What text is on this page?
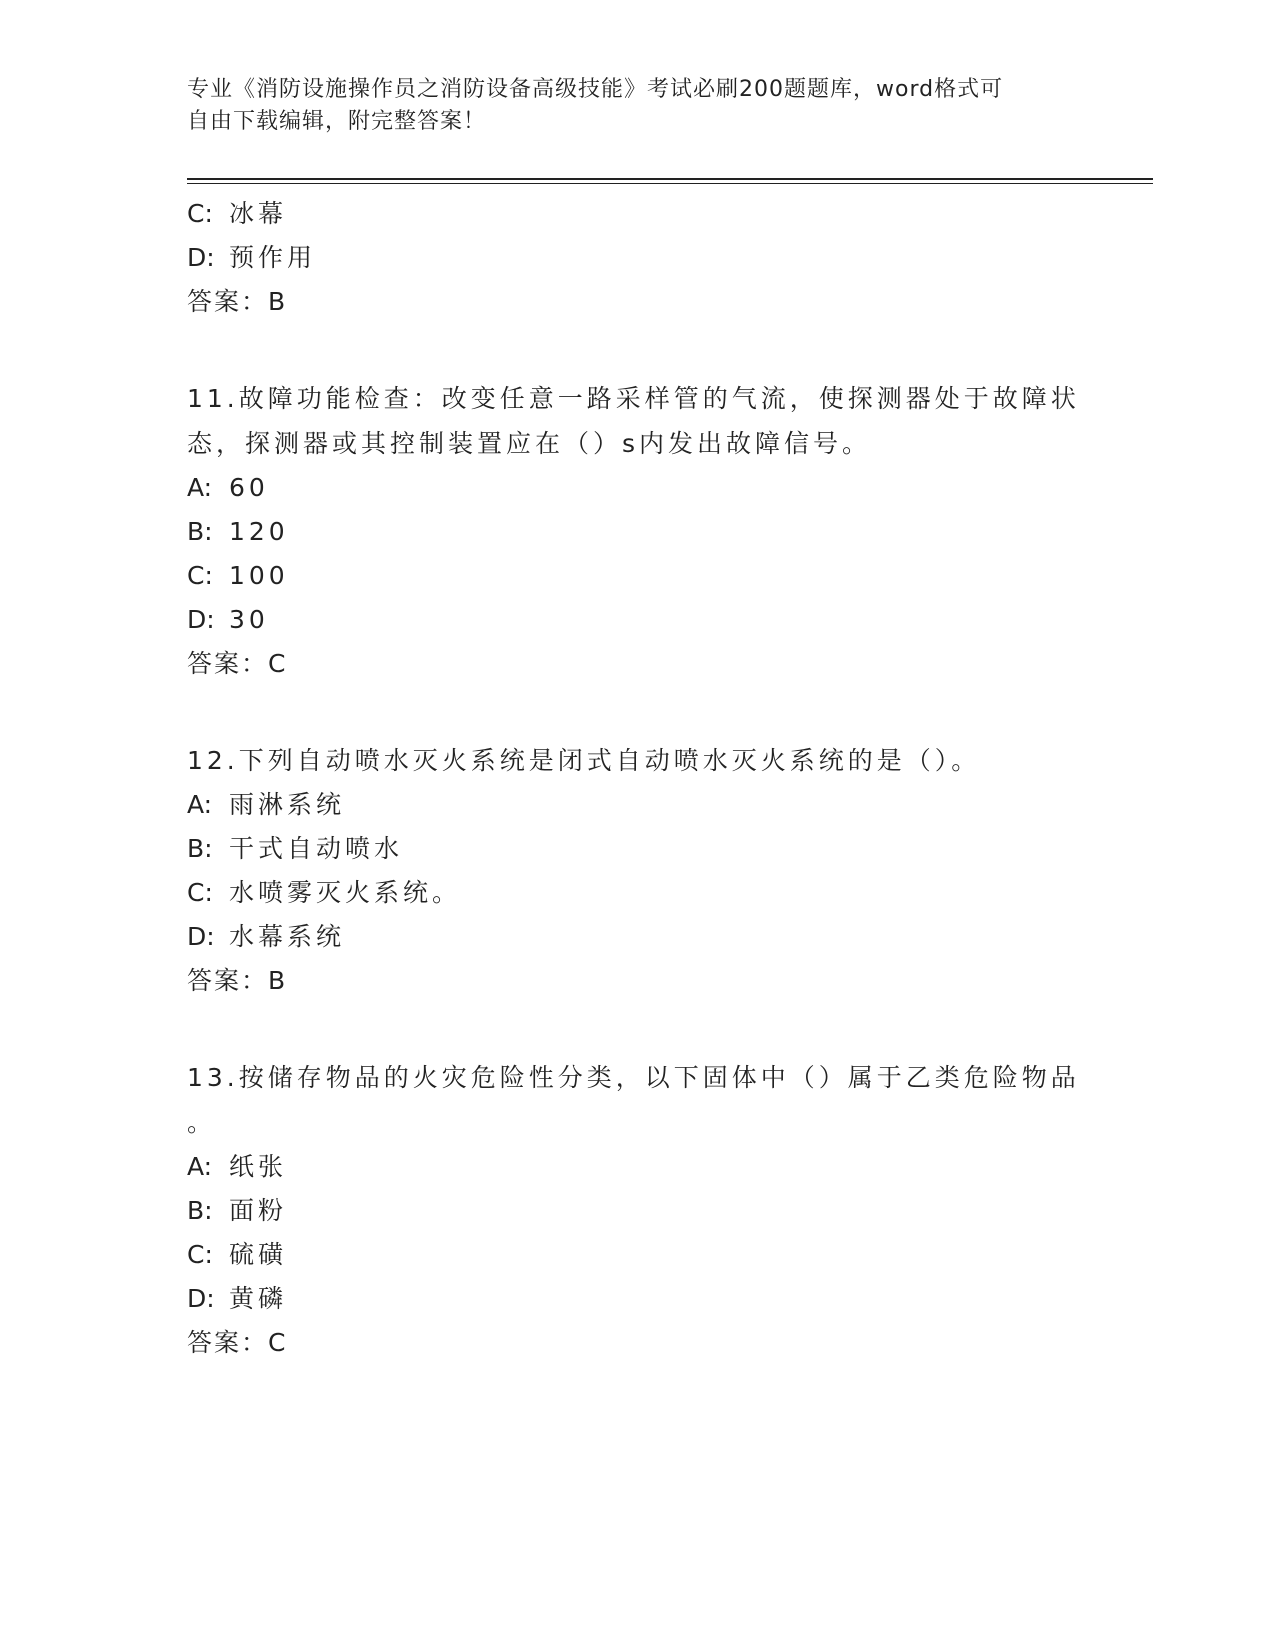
专业《消防设施操作员之消防设备高级技能》考试必刷200题题库，word格式可
自由下载编辑，附完整答案！
C: 冰幕
D: 预作用
答案：B
11.故障功能检查：改变任意一路采样管的气流，使探测器处于故障状
态，探测器或其控制装置应在（）s内发出故障信号。
A: 60
B: 120
C: 100
D: 30
答案：C
12.下列自动喷水灭火系统是闭式自动喷水灭火系统的是（）。
A: 雨淋系统
B: 干式自动喷水
C: 水喷雾灭火系统。
D: 水幕系统
答案：B
13.按储存物品的火灾危险性分类，以下固体中（）属于乙类危险物品
。
A: 纸张
B: 面粉
C: 硫磺
D: 黄磷
答案：C
